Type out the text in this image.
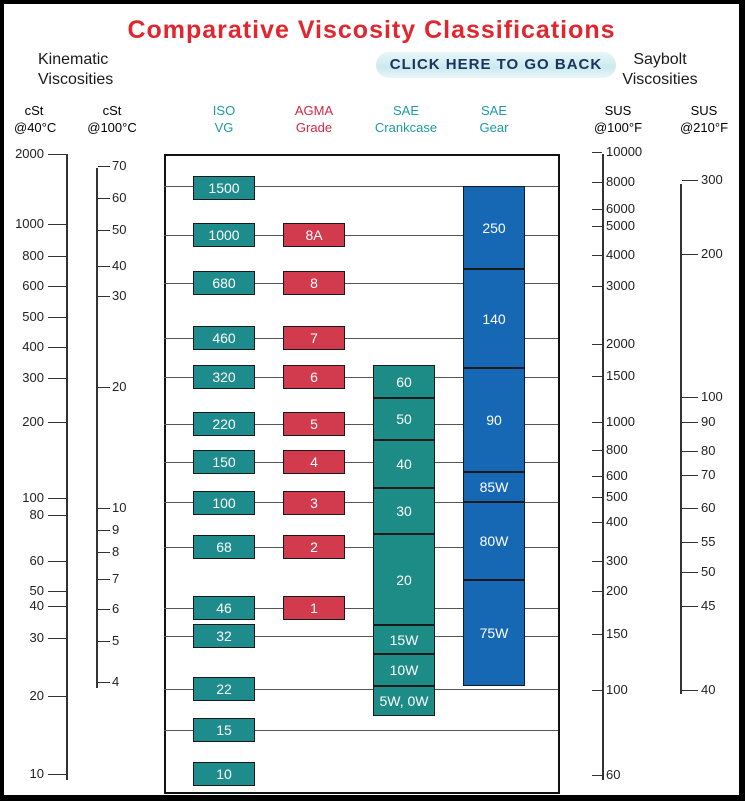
Comparative Viscosity Classifications
CLICK HERE TO GO BACK
Kinematic
Viscosities
Saybolt
Viscosities
cSt
@40°C
cSt
@100°C
ISO
VG
AGMA
Grade
SAE
Crankcase
SAE
Gear
SUS
@100°F
SUS
@210°F
2000
1000
800
600
500
400
300
200
100
80
60
50
40
30
20
10
70
60
50
40
30
20
10
9
8
7
6
5
4
10000
8000
6000
5000
4000
3000
2000
1500
1000
800
600
500
400
300
200
150
100
60
300
200
100
90
80
70
60
55
50
45
40
1500
1000
680
460
320
220
150
100
68
46
32
22
15
10
8A
8
7
6
5
4
3
2
1
60
50
40
30
20
15W
10W
5W, 0W
250
140
90
85W
80W
75W
